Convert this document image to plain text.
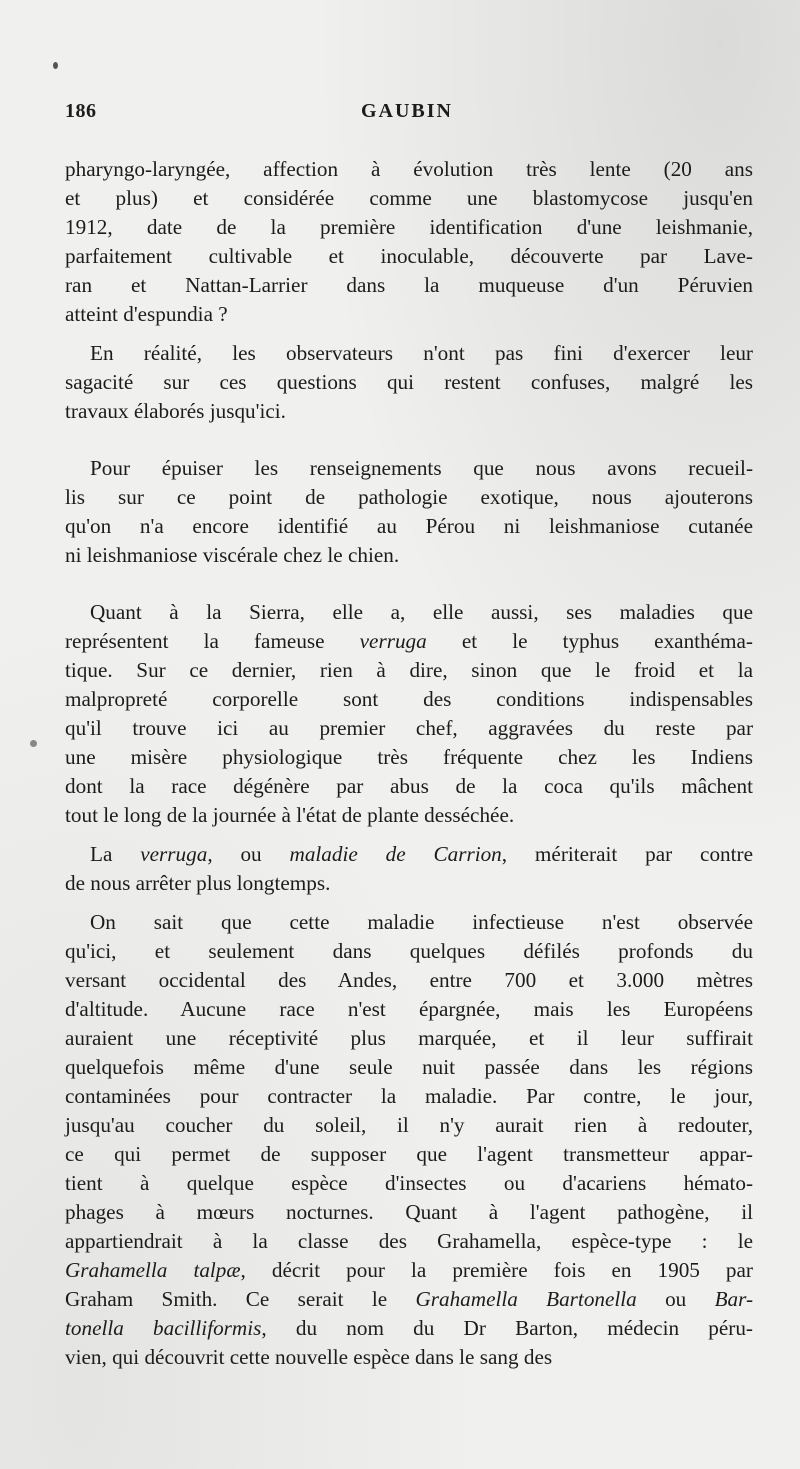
186	GAUBIN

pharyngo-laryngée, affection à évolution très lente (20 ans
et plus) et considérée comme une blastomycose jusqu'en
1912, date de la première identification d'une leishmanie,
parfaitement cultivable et inoculable, découverte par Lave-
ran et Nattan-Larrier dans la muqueuse d'un Péruvien
atteint d'espundia ?

En réalité, les observateurs n'ont pas fini d'exercer leur
sagacité sur ces questions qui restent confuses, malgré les
travaux élaborés jusqu'ici.

Pour épuiser les renseignements que nous avons recueil-
lis sur ce point de pathologie exotique, nous ajouterons
qu'on n'a encore identifié au Pérou ni leishmaniose cutanée
ni leishmaniose viscérale chez le chien.

Quant à la Sierra, elle a, elle aussi, ses maladies que
représentent la fameuse verruga et le typhus exanthéma-
tique. Sur ce dernier, rien à dire, sinon que le froid et la
malpropreté corporelle sont des conditions indispensables
qu'il trouve ici au premier chef, aggravées du reste par
une misère physiologique très fréquente chez les Indiens
dont la race dégénère par abus de la coca qu'ils mâchent
tout le long de la journée à l'état de plante desséchée.

La verruga, ou maladie de Carrion, mériterait par contre
de nous arrêter plus longtemps.

On sait que cette maladie infectieuse n'est observée
qu'ici, et seulement dans quelques défilés profonds du
versant occidental des Andes, entre 700 et 3.000 mètres
d'altitude. Aucune race n'est épargnée, mais les Européens
auraient une réceptivité plus marquée, et il leur suffirait
quelquefois même d'une seule nuit passée dans les régions
contaminées pour contracter la maladie. Par contre, le jour,
jusqu'au coucher du soleil, il n'y aurait rien à redouter,
ce qui permet de supposer que l'agent transmetteur appar-
tient à quelque espèce d'insectes ou d'acariens hémato-
phages à mœurs nocturnes. Quant à l'agent pathogène, il
appartiendrait à la classe des Grahamella, espèce-type : le
Grahamella talpæ, décrit pour la première fois en 1905 par
Graham Smith. Ce serait le Grahamella Bartonella ou Bar-
tonella bacilliformis, du nom du Dr Barton, médecin péru-
vien, qui découvrit cette nouvelle espèce dans le sang des
